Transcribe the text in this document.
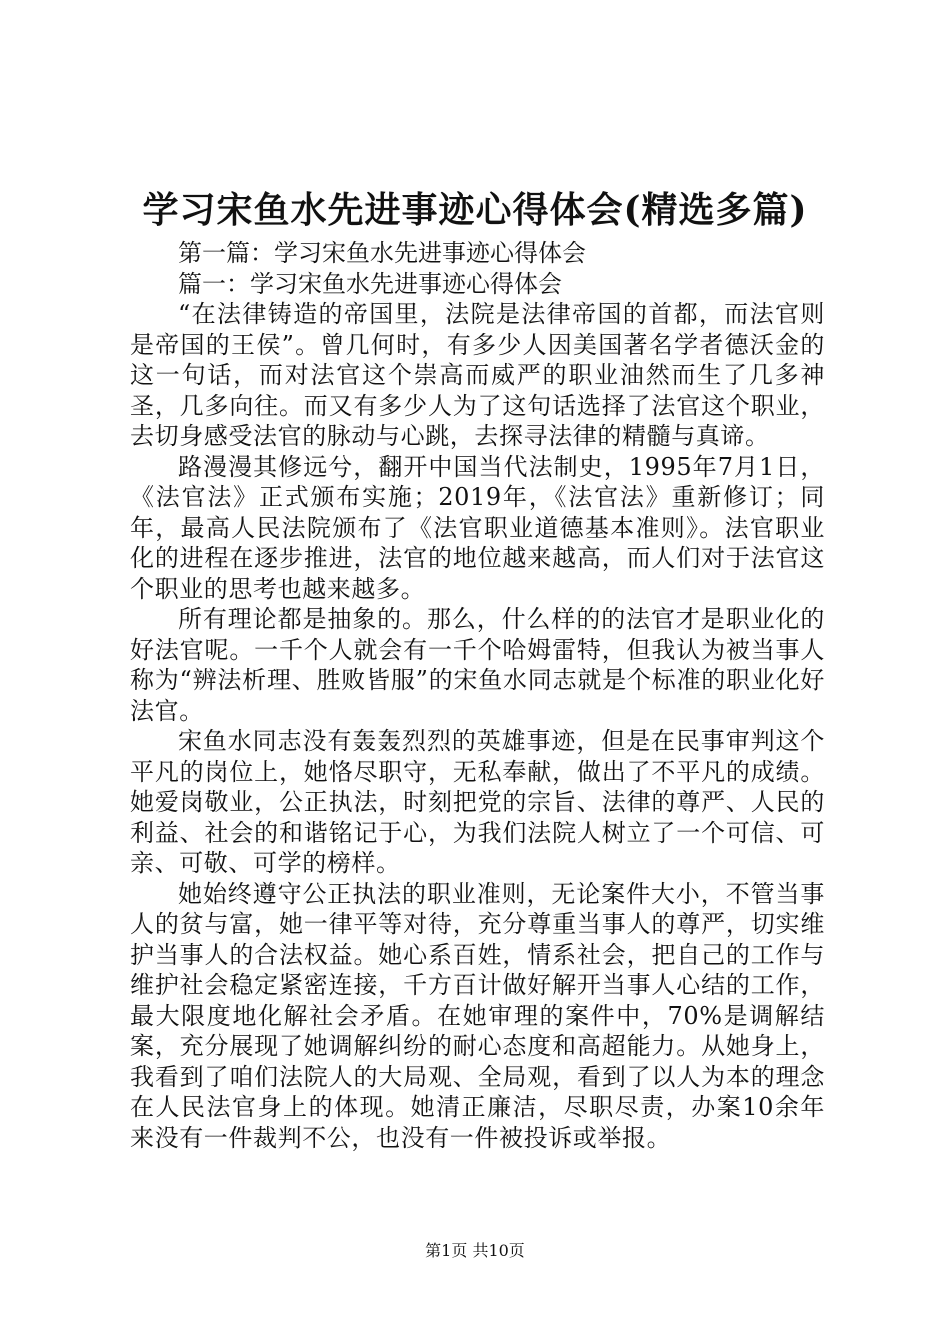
学习宋鱼水先进事迹心得体会(精选多篇)

第一篇：学习宋鱼水先进事迹心得体会

篇一：学习宋鱼水先进事迹心得体会

“在法律铸造的帝国里，法院是法律帝国的首都，而法官则是帝国的王侯”。曾几何时，有多少人因美国著名学者德沃金的这一句话，而对法官这个崇高而威严的职业油然而生了几多神圣，几多向往。而又有多少人为了这句话选择了法官这个职业，去切身感受法官的脉动与心跳，去探寻法律的精髓与真谛。

路漫漫其修远兮，翻开中国当代法制史，1995年7月1日，《法官法》正式颁布实施；2019年，《法官法》重新修订；同年，最高人民法院颁布了《法官职业道德基本准则》。法官职业化的进程在逐步推进，法官的地位越来越高，而人们对于法官这个职业的思考也越来越多。

所有理论都是抽象的。那么，什么样的的法官才是职业化的好法官呢。一千个人就会有一千个哈姆雷特，但我认为被当事人称为“辨法析理、胜败皆服”的宋鱼水同志就是个标准的职业化好法官。

宋鱼水同志没有轰轰烈烈的英雄事迹，但是在民事审判这个平凡的岗位上，她恪尽职守，无私奉献，做出了不平凡的成绩。她爱岗敬业，公正执法，时刻把党的宗旨、法律的尊严、人民的利益、社会的和谐铭记于心，为我们法院人树立了一个可信、可亲、可敬、可学的榜样。

她始终遵守公正执法的职业准则，无论案件大小，不管当事人的贫与富，她一律平等对待，充分尊重当事人的尊严，切实维护当事人的合法权益。她心系百姓，情系社会，把自己的工作与维护社会稳定紧密连接，千方百计做好解开当事人心结的工作，最大限度地化解社会矛盾。在她审理的案件中，70%是调解结案，充分展现了她调解纠纷的耐心态度和高超能力。从她身上，我看到了咱们法院人的大局观、全局观，看到了以人为本的理念在人民法官身上的体现。她清正廉洁，尽职尽责，办案10余年来没有一件裁判不公，也没有一件被投诉或举报。

第1页 共10页
